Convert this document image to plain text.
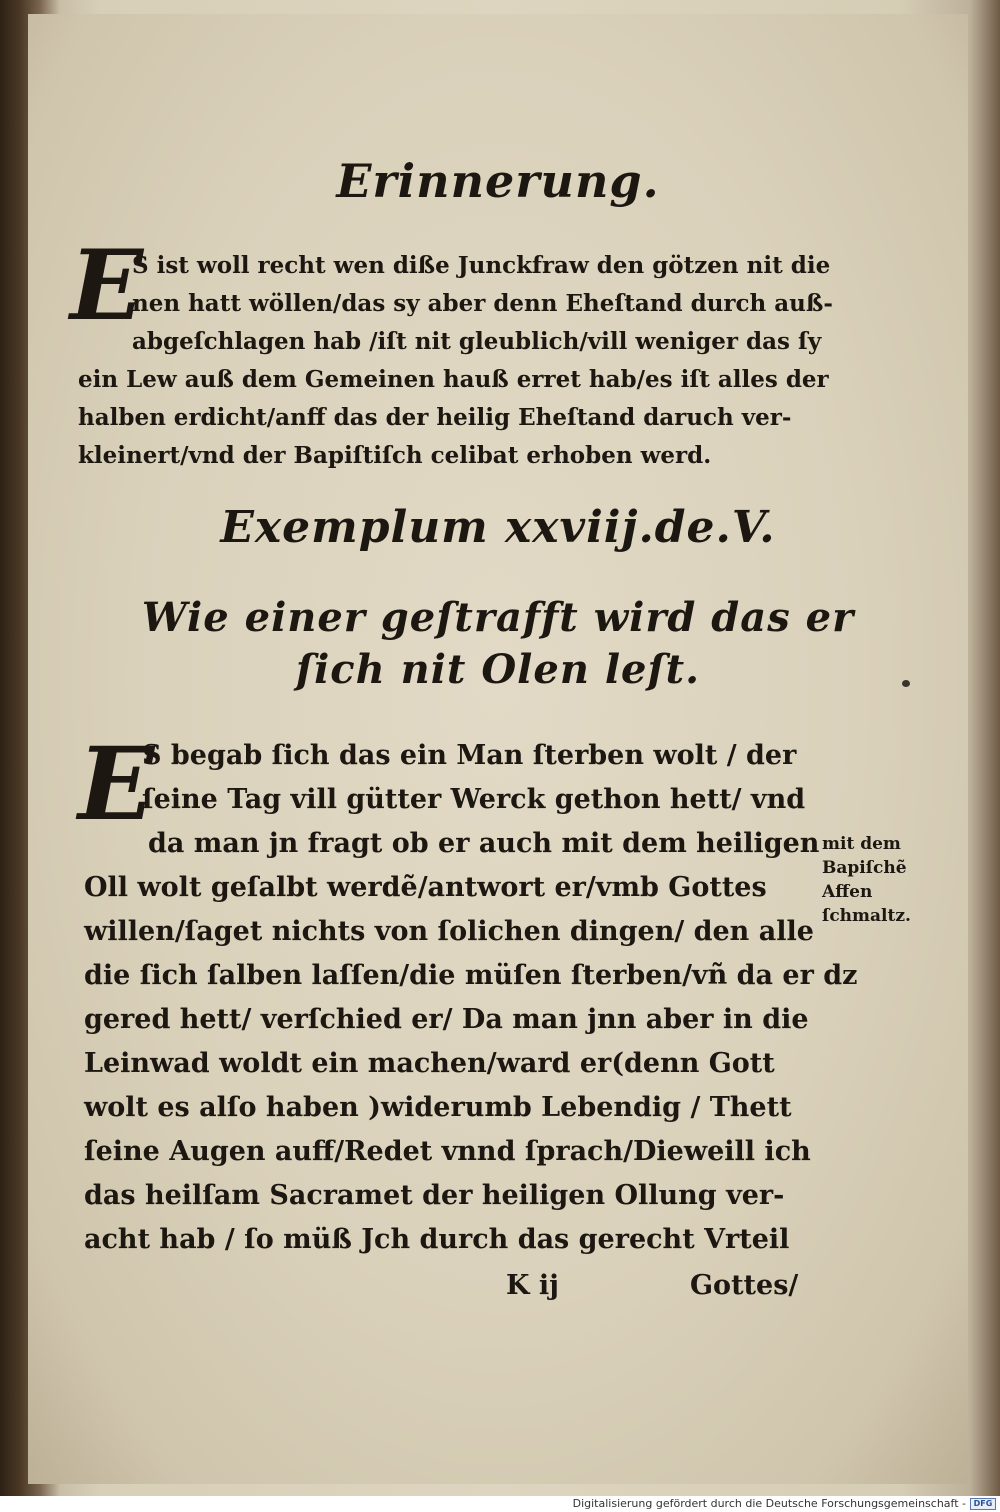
Erinnerung.
E
S ist woll recht wen diße Junckfraw den götzen nit die
nen hatt wöllen/das sy aber denn Eheſtand durch auß-
abgeſchlagen hab /iſt nit gleublich/vill weniger das ſy
ein Lew auß dem Gemeinen hauß erret hab/es iſt alles der
halben erdicht/anff das der heilig Eheſtand daruch ver-
kleinert/vnd der Bapiſtiſch celibat erhoben werd.
Exemplum xxviij.de.V.
Wie einer geſtrafft wird das er
ſich nit Olen leſt.
E
S begab ſich das ein Man ſterben wolt / der
ſeine Tag vill gütter Werck gethon hett/ vnd
da man jn fragt ob er auch mit dem heiligen
Oll wolt geſalbt werdẽ/antwort er/vmb Gottes
willen/ſaget nichts von ſolichen dingen/ den alle
die ſich ſalben laſſen/die müſen ſterben/vñ da er dz
gered hett/ verſchied er/ Da man jnn aber in die
Leinwad woldt ein machen/ward er(denn Gott
wolt es alſo haben )widerumb Lebendig / Thett
ſeine Augen auff/Redet vnnd ſprach/Dieweill ich
das heilſam Sacramet der heiligen Ollung ver-
acht hab / ſo müß Jch durch das gerecht Vrteil
mit dem
Bapiſchẽ
Affen
ſchmaltz.
K ij	Gottes/
Digitalisierung gefördert durch die Deutsche Forschungsgemeinschaft - DFG
